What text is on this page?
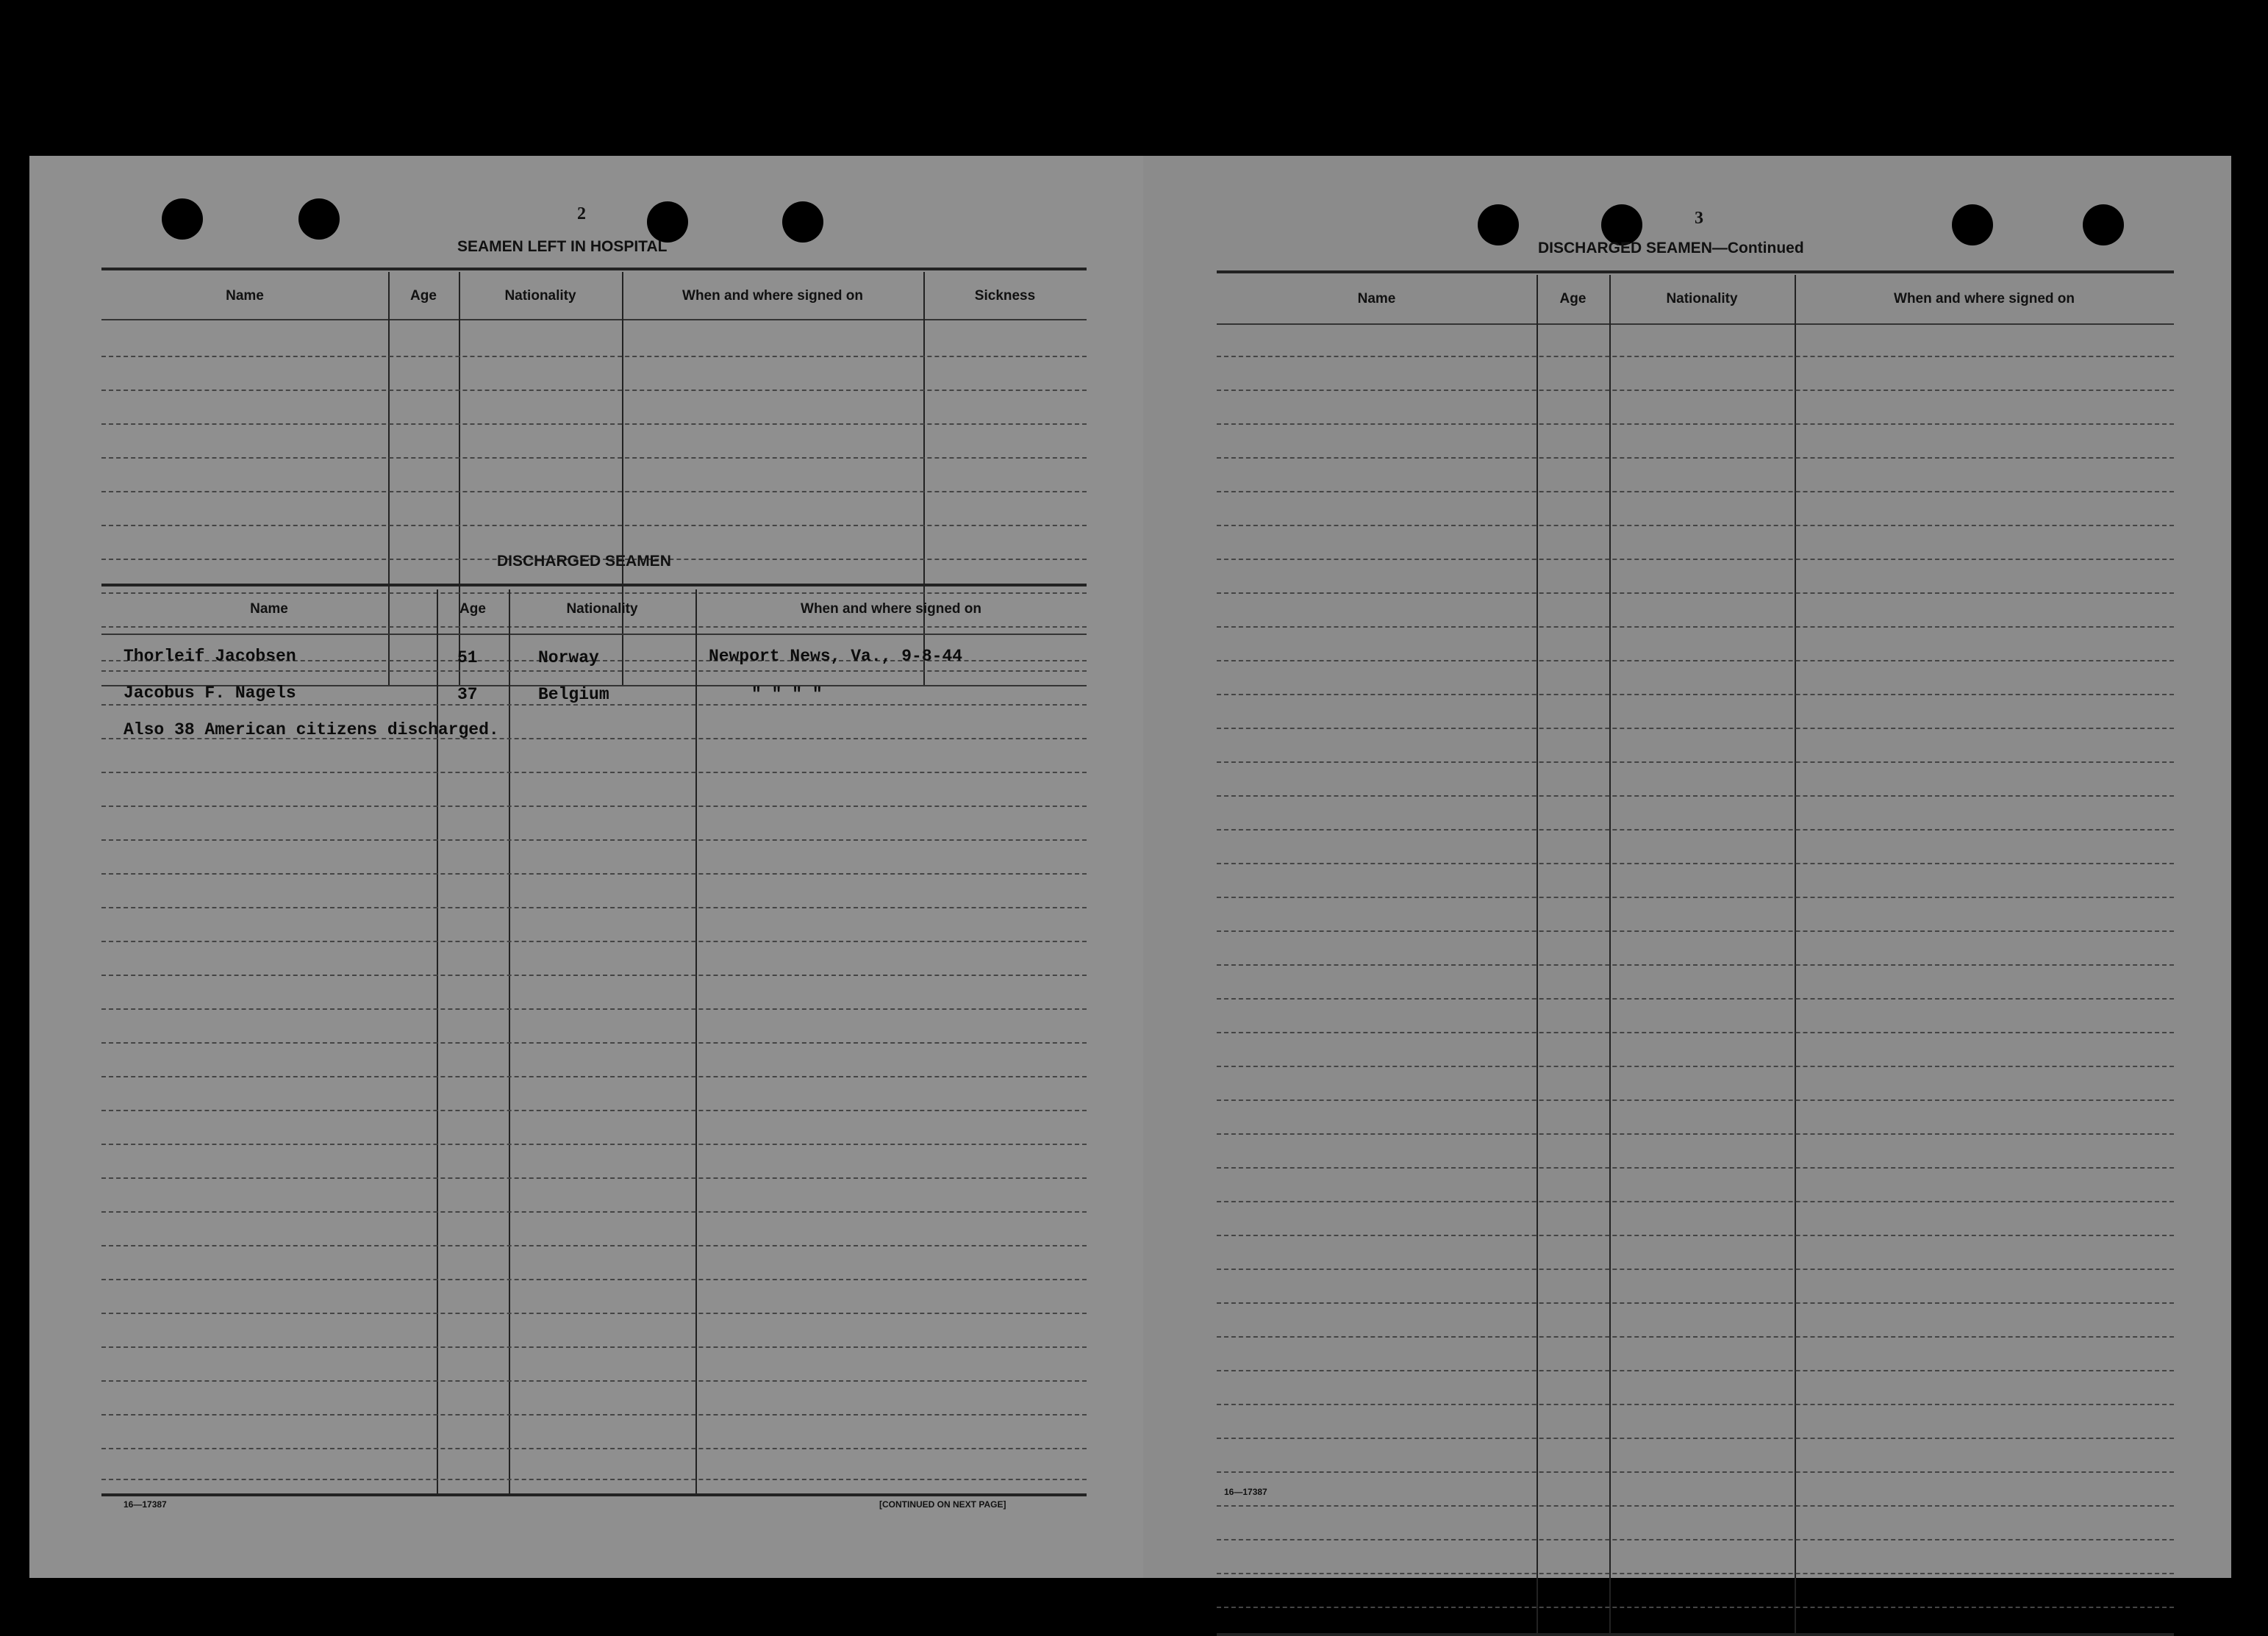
2
SEAMEN LEFT IN HOSPITAL
Name	Age	Nationality	When and where signed on	Sickness
DISCHARGED SEAMEN
Name	Age	Nationality	When and where signed on
Thorleif Jacobsen	51	Norway	Newport News, Va., 9-8-44
Jacobus F. Nagels	37	Belgium	" " " "
Also 38 American citizens discharged.
16—17387	[CONTINUED ON NEXT PAGE]
3
DISCHARGED SEAMEN—Continued
Name	Age	Nationality	When and where signed on
16—17387
